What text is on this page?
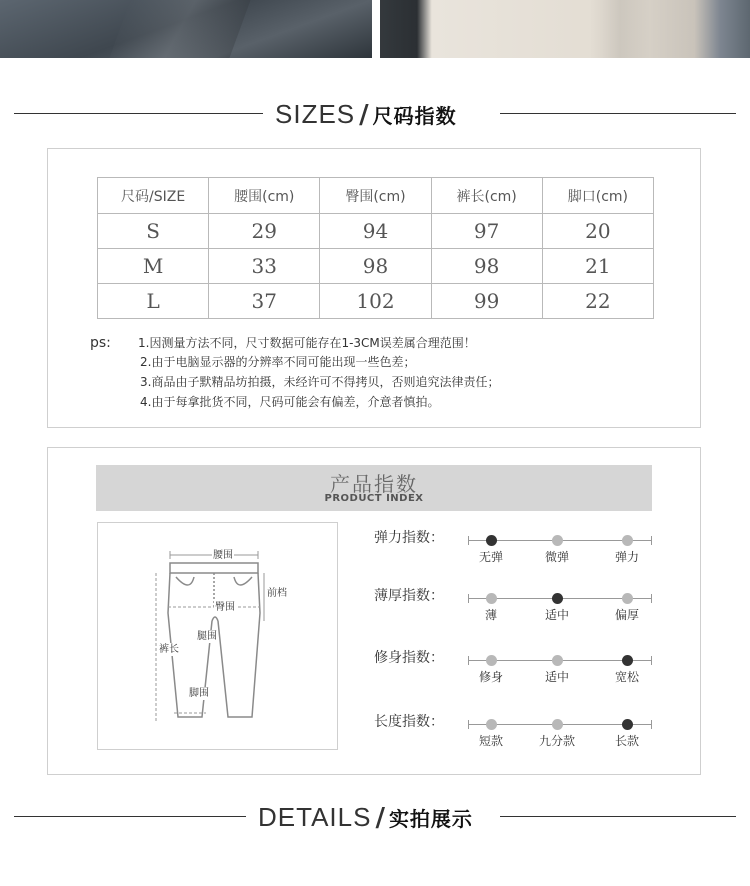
SIZES / 尺码指数
尺码/SIZE	腰围(cm)	臀围(cm)	裤长(cm)	脚口(cm)
S	29	94	97	20
M	33	98	98	21
L	37	102	99	22
ps: 1.因测量方法不同，尺寸数据可能存在1-3CM误差属合理范围！
2.由于电脑显示器的分辨率不同可能出现一些色差；
3.商品由子默精品坊拍摄，未经许可不得拷贝，否则追究法律责任；
4.由于每拿批货不同，尺码可能会有偏差，介意者慎拍。
产品指数
PRODUCT INDEX
腰围
前档
臀围
腿围
裤长
脚围
弹力指数：
无弹	微弹	弹力
薄厚指数：
薄	适中	偏厚
修身指数：
修身	适中	宽松
长度指数：
短款	九分款	长款
DETAILS / 实拍展示
